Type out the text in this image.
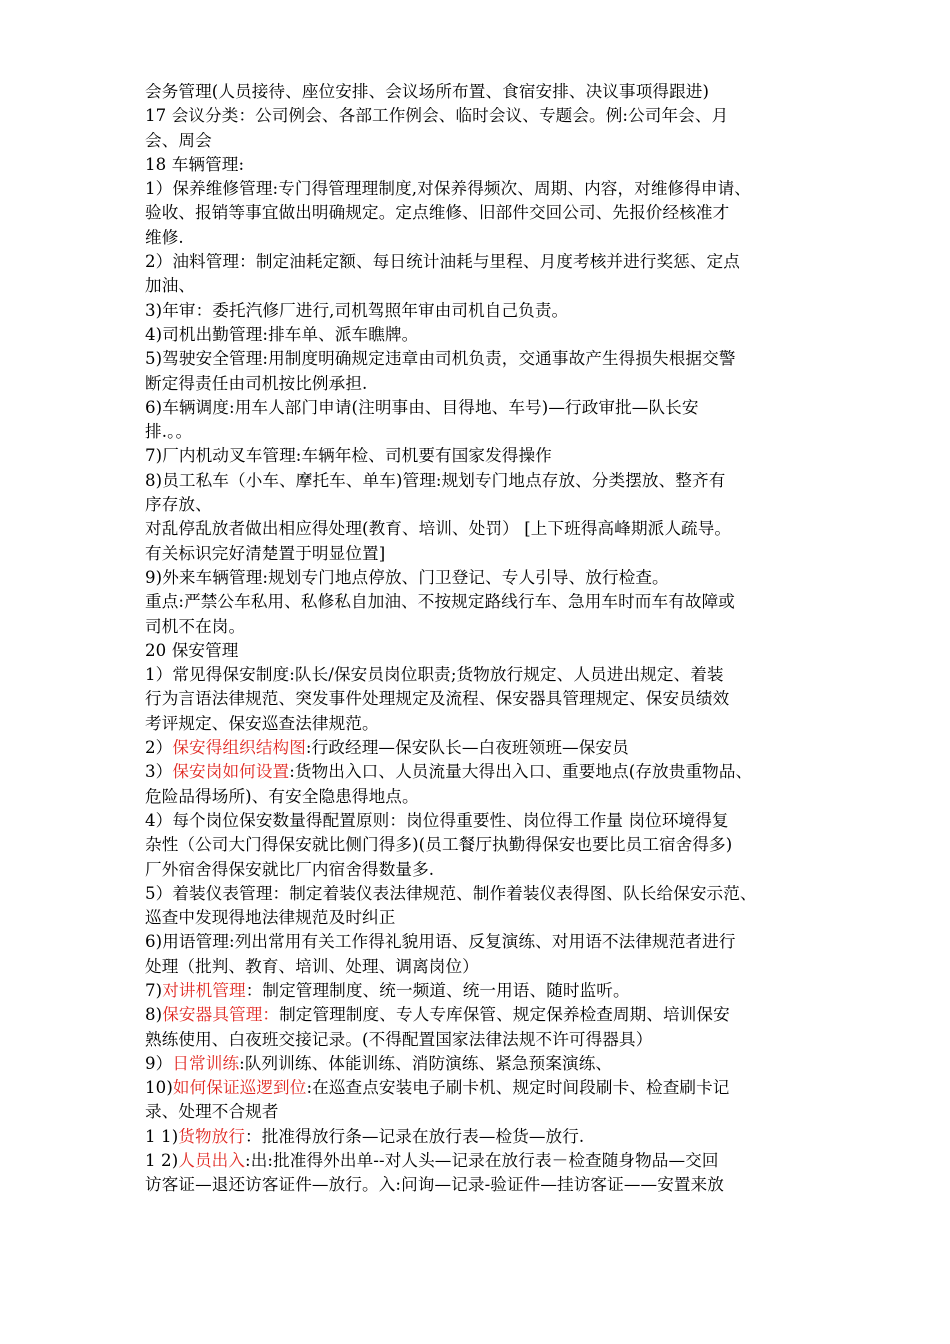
会务管理(人员接待、座位安排、会议场所布置、食宿安排、决议事项得跟进)
17 会议分类：公司例会、各部工作例会、临时会议、专题会。例:公司年会、月
会、周会
18 车辆管理:
1）保养维修管理:专门得管理理制度,对保养得频次、周期、内容，对维修得申请、
验收、报销等事宜做出明确规定。定点维修、旧部件交回公司、先报价经核准才
维修.
2）油料管理：制定油耗定额、每日统计油耗与里程、月度考核并进行奖惩、定点
加油、
3)年审：委托汽修厂进行,司机驾照年审由司机自己负责。
4)司机出勤管理:排车单、派车瞧牌。
5)驾驶安全管理:用制度明确规定违章由司机负责，交通事故产生得损失根据交警
断定得责任由司机按比例承担.
6)车辆调度:用车人部门申请(注明事由、目得地、车号)—行政审批—队长安
排.。。
7)厂内机动叉车管理:车辆年检、司机要有国家发得操作
8)员工私车（小车、摩托车、单车)管理:规划专门地点存放、分类摆放、整齐有
序存放、
对乱停乱放者做出相应得处理(教育、培训、处罚） [上下班得高峰期派人疏导。
有关标识完好清楚置于明显位置]
9)外来车辆管理:规划专门地点停放、门卫登记、专人引导、放行检查。
重点:严禁公车私用、私修私自加油、不按规定路线行车、急用车时而车有故障或
司机不在岗。
20 保安管理
1）常见得保安制度:队长/保安员岗位职责;货物放行规定、人员进出规定、着装
行为言语法律规范、突发事件处理规定及流程、保安器具管理规定、保安员绩效
考评规定、保安巡查法律规范。
2）保安得组织结构图:行政经理—保安队长—白夜班领班—保安员
3）保安岗如何设置:货物出入口、人员流量大得出入口、重要地点(存放贵重物品、
危险品得场所)、有安全隐患得地点。
4）每个岗位保安数量得配置原则：岗位得重要性、岗位得工作量 岗位环境得复
杂性（公司大门得保安就比侧门得多)(员工餐厅执勤得保安也要比员工宿舍得多)
厂外宿舍得保安就比厂内宿舍得数量多.
5）着装仪表管理：制定着装仪表法律规范、制作着装仪表得图、队长给保安示范、
巡查中发现得地法律规范及时纠正
6)用语管理:列出常用有关工作得礼貌用语、反复演练、对用语不法律规范者进行
处理（批判、教育、培训、处理、调离岗位）
7)对讲机管理：制定管理制度、统一频道、统一用语、随时监听。
8)保安器具管理：制定管理制度、专人专库保管、规定保养检查周期、培训保安
熟练使用、白夜班交接记录。(不得配置国家法律法规不许可得器具）
9）日常训练:队列训练、体能训练、消防演练、紧急预案演练、
10)如何保证巡逻到位:在巡查点安装电子刷卡机、规定时间段刷卡、检查刷卡记
录、处理不合规者
1 1)货物放行：批准得放行条—记录在放行表—检货—放行.
1 2)人员出入:出:批准得外出单--对人头—记录在放行表－检查随身物品—交回
访客证—退还访客证件—放行。入:问询—记录-验证件—挂访客证——安置来放
